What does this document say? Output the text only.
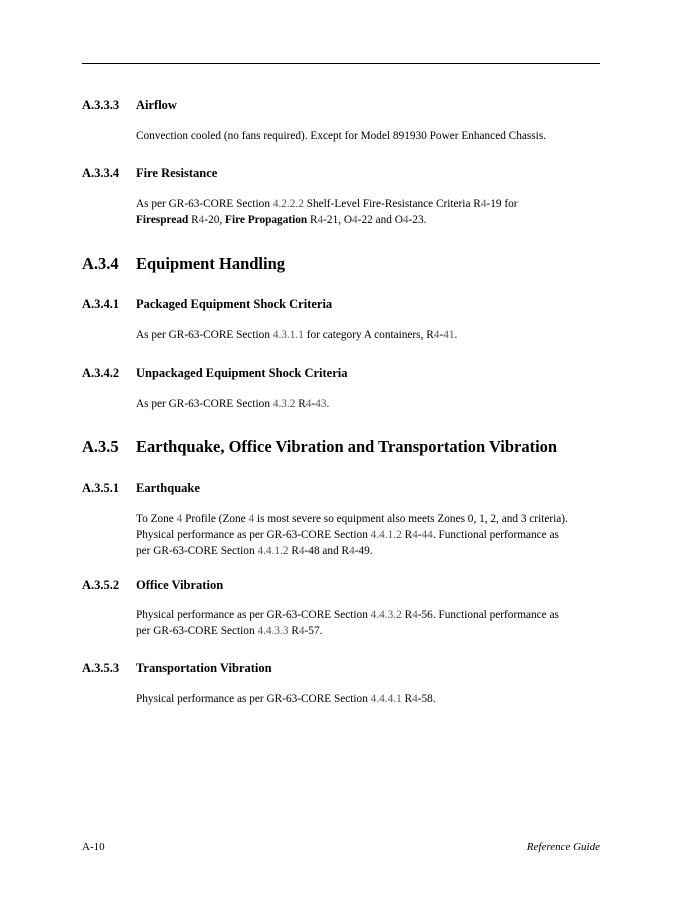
A.3.3.3 Airflow
Convection cooled (no fans required). Except for Model 891930 Power Enhanced Chassis.
A.3.3.4 Fire Resistance
As per GR-63-CORE Section 4.2.2.2 Shelf-Level Fire-Resistance Criteria R4-19 for
Firespread R4-20, Fire Propagation R4-21, O4-22 and O4-23.
A.3.4 Equipment Handling
A.3.4.1 Packaged Equipment Shock Criteria
As per GR-63-CORE Section 4.3.1.1 for category A containers, R4-41.
A.3.4.2 Unpackaged Equipment Shock Criteria
As per GR-63-CORE Section 4.3.2 R4-43.
A.3.5 Earthquake, Office Vibration and Transportation Vibration
A.3.5.1 Earthquake
To Zone 4 Profile (Zone 4 is most severe so equipment also meets Zones 0, 1, 2, and 3 criteria).
Physical performance as per GR-63-CORE Section 4.4.1.2 R4-44. Functional performance as
per GR-63-CORE Section 4.4.1.2 R4-48 and R4-49.
A.3.5.2 Office Vibration
Physical performance as per GR-63-CORE Section 4.4.3.2 R4-56. Functional performance as
per GR-63-CORE Section 4.4.3.3 R4-57.
A.3.5.3 Transportation Vibration
Physical performance as per GR-63-CORE Section 4.4.4.1 R4-58.
A-10	Reference Guide
